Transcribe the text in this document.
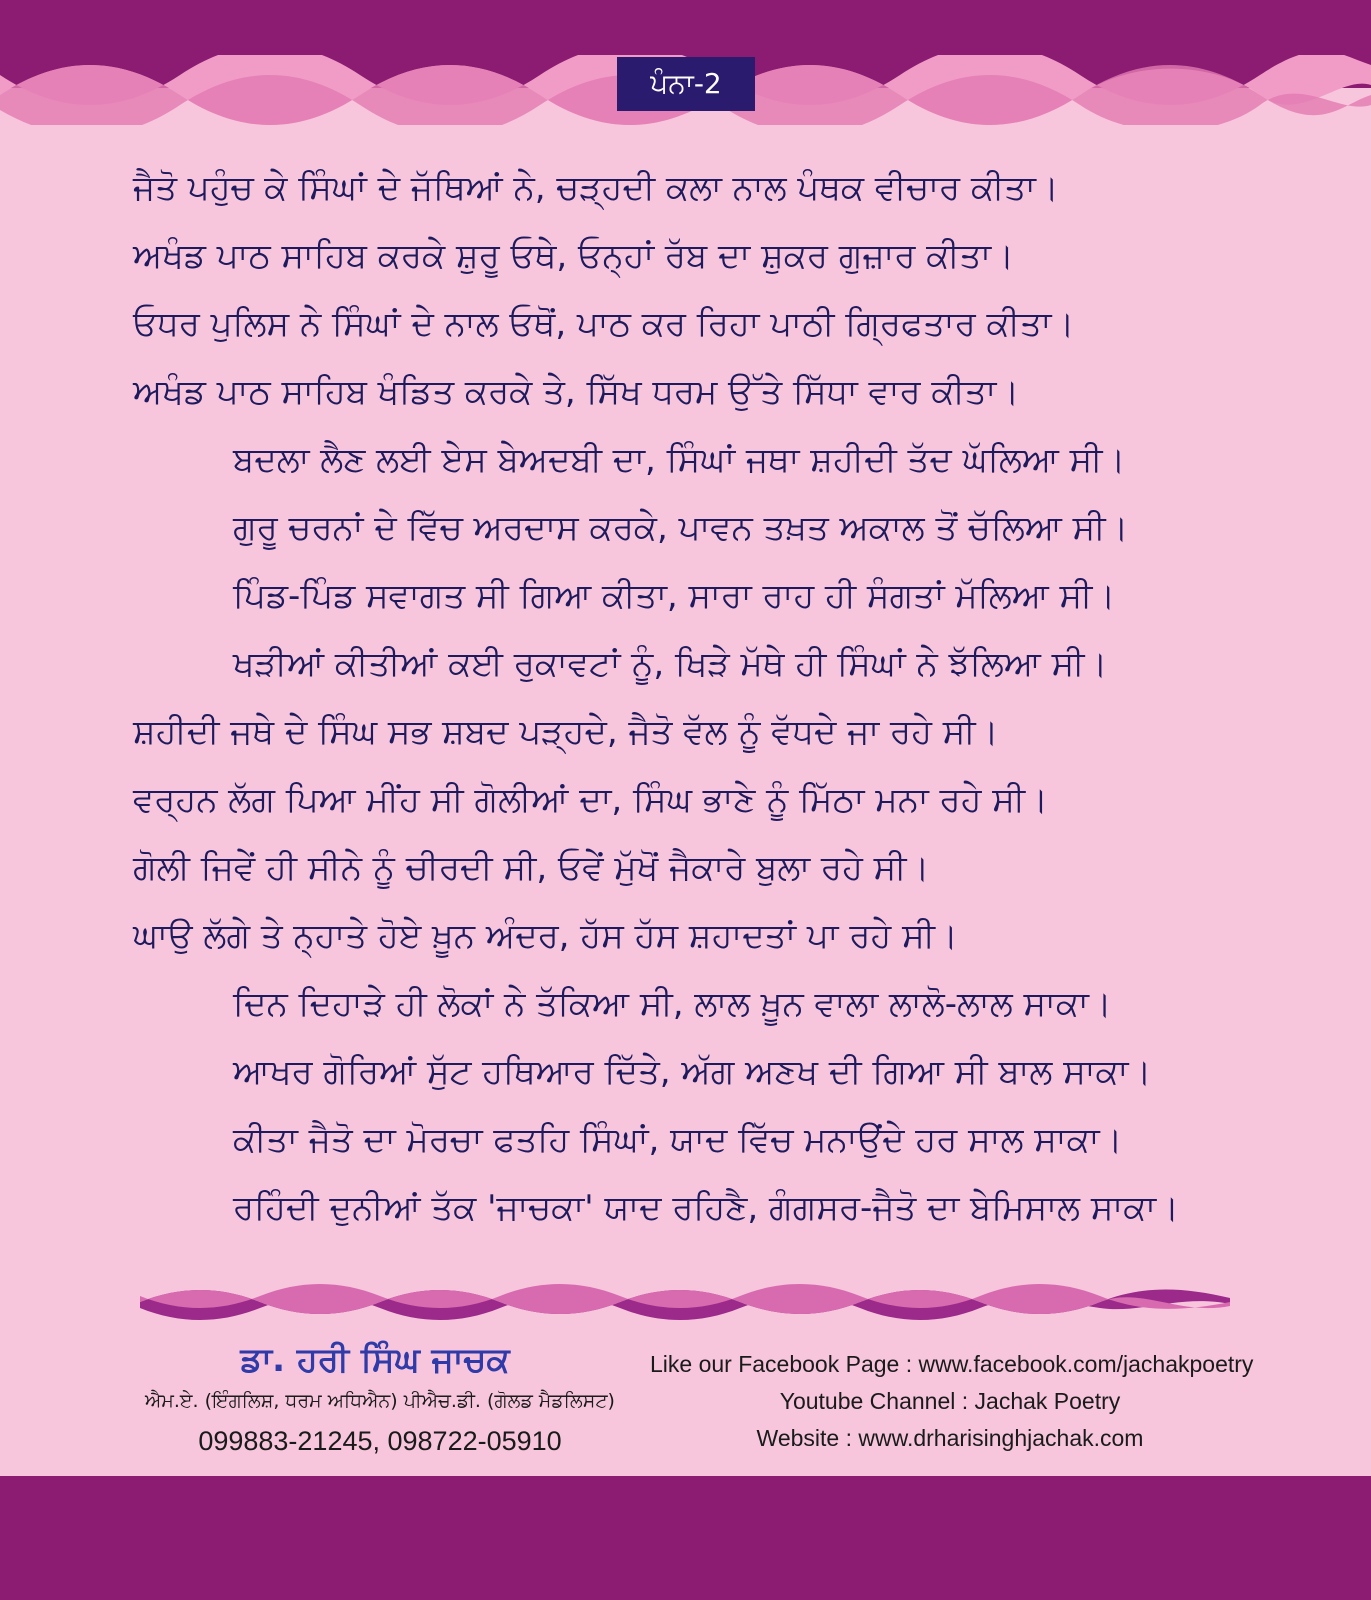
ਪੰਨਾ-2
ਜੈਤੋ ਪਹੁੰਚ ਕੇ ਸਿੰਘਾਂ ਦੇ ਜੱਥਿਆਂ ਨੇ, ਚੜ੍ਹਦੀ ਕਲਾ ਨਾਲ ਪੰਥਕ ਵੀਚਾਰ ਕੀਤਾ।
ਅਖੰਡ ਪਾਠ ਸਾਹਿਬ ਕਰਕੇ ਸ਼ੁਰੂ ਓਥੇ, ਓਨ੍ਹਾਂ ਰੱਬ ਦਾ ਸ਼ੁਕਰ ਗੁਜ਼ਾਰ ਕੀਤਾ।
ਓਧਰ ਪੁਲਿਸ ਨੇ ਸਿੰਘਾਂ ਦੇ ਨਾਲ ਓਥੋਂ, ਪਾਠ ਕਰ ਰਿਹਾ ਪਾਠੀ ਗ੍ਰਿਫਤਾਰ ਕੀਤਾ।
ਅਖੰਡ ਪਾਠ ਸਾਹਿਬ ਖੰਡਿਤ ਕਰਕੇ ਤੇ, ਸਿੱਖ ਧਰਮ ਉੱਤੇ ਸਿੱਧਾ ਵਾਰ ਕੀਤਾ।
ਬਦਲਾ ਲੈਣ ਲਈ ਏਸ ਬੇਅਦਬੀ ਦਾ, ਸਿੰਘਾਂ ਜਥਾ ਸ਼ਹੀਦੀ ਤੱਦ ਘੱਲਿਆ ਸੀ।
ਗੁਰੂ ਚਰਨਾਂ ਦੇ ਵਿੱਚ ਅਰਦਾਸ ਕਰਕੇ, ਪਾਵਨ ਤਖ਼ਤ ਅਕਾਲ ਤੋਂ ਚੱਲਿਆ ਸੀ।
ਪਿੰਡ-ਪਿੰਡ ਸਵਾਗਤ ਸੀ ਗਿਆ ਕੀਤਾ, ਸਾਰਾ ਰਾਹ ਹੀ ਸੰਗਤਾਂ ਮੱਲਿਆ ਸੀ।
ਖੜੀਆਂ ਕੀਤੀਆਂ ਕਈ ਰੁਕਾਵਟਾਂ ਨੂੰ, ਖਿੜੇ ਮੱਥੇ ਹੀ ਸਿੰਘਾਂ ਨੇ ਝੱਲਿਆ ਸੀ।
ਸ਼ਹੀਦੀ ਜਥੇ ਦੇ ਸਿੰਘ ਸਭ ਸ਼ਬਦ ਪੜ੍ਹਦੇ, ਜੈਤੋ ਵੱਲ ਨੂੰ ਵੱਧਦੇ ਜਾ ਰਹੇ ਸੀ।
ਵਰ੍ਹਨ ਲੱਗ ਪਿਆ ਮੀਂਹ ਸੀ ਗੋਲੀਆਂ ਦਾ, ਸਿੰਘ ਭਾਣੇ ਨੂੰ ਮਿੱਠਾ ਮਨਾ ਰਹੇ ਸੀ।
ਗੋਲੀ ਜਿਵੇਂ ਹੀ ਸੀਨੇ ਨੂੰ ਚੀਰਦੀ ਸੀ, ਓਵੇਂ ਮੁੱਖੋਂ ਜੈਕਾਰੇ ਬੁਲਾ ਰਹੇ ਸੀ।
ਘਾਉ ਲੱਗੇ ਤੇ ਨ੍ਹਾਤੇ ਹੋਏ ਖ਼ੂਨ ਅੰਦਰ, ਹੱਸ ਹੱਸ ਸ਼ਹਾਦਤਾਂ ਪਾ ਰਹੇ ਸੀ।
ਦਿਨ ਦਿਹਾੜੇ ਹੀ ਲੋਕਾਂ ਨੇ ਤੱਕਿਆ ਸੀ, ਲਾਲ ਖ਼ੂਨ ਵਾਲਾ ਲਾਲੋ-ਲਾਲ ਸਾਕਾ।
ਆਖਰ ਗੋਰਿਆਂ ਸੁੱਟ ਹਥਿਆਰ ਦਿੱਤੇ, ਅੱਗ ਅਣਖ ਦੀ ਗਿਆ ਸੀ ਬਾਲ ਸਾਕਾ।
ਕੀਤਾ ਜੈਤੋ ਦਾ ਮੋਰਚਾ ਫਤਹਿ ਸਿੰਘਾਂ, ਯਾਦ ਵਿੱਚ ਮਨਾਉਂਦੇ ਹਰ ਸਾਲ ਸਾਕਾ।
ਰਹਿੰਦੀ ਦੁਨੀਆਂ ਤੱਕ 'ਜਾਚਕਾ' ਯਾਦ ਰਹਿਣੈ, ਗੰਗਸਰ-ਜੈਤੋ ਦਾ ਬੇਮਿਸਾਲ ਸਾਕਾ।
ਡਾ. ਹਰੀ ਸਿੰਘ ਜਾਚਕ
ਐਮ.ਏ. (ਇੰਗਲਿਸ਼, ਧਰਮ ਅਧਿਐਨ) ਪੀਐਚ.ਡੀ. (ਗੋਲਡ ਮੈਡਲਿਸਟ)
099883-21245, 098722-05910
Like our Facebook Page : www.facebook.com/jachakpoetry
Youtube Channel : Jachak Poetry
Website : www.drharisinghjachak.com
